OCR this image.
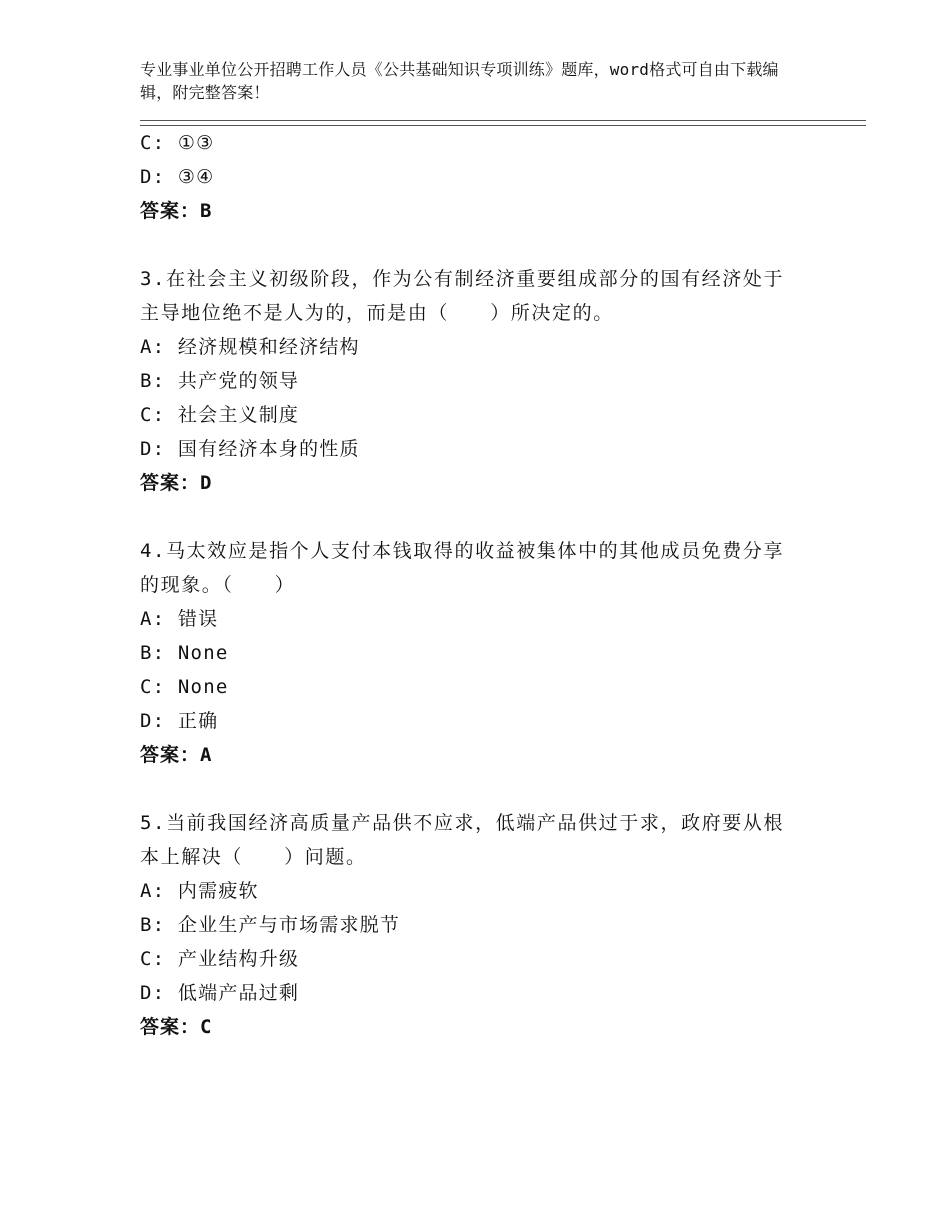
专业事业单位公开招聘工作人员《公共基础知识专项训练》题库，word格式可自由下载编辑，附完整答案！
C: ①③
D: ③④
答案：B
3.在社会主义初级阶段，作为公有制经济重要组成部分的国有经济处于主导地位绝不是人为的，而是由（　　）所决定的。
A: 经济规模和经济结构
B: 共产党的领导
C: 社会主义制度
D: 国有经济本身的性质
答案：D
4.马太效应是指个人支付本钱取得的收益被集体中的其他成员免费分享的现象。（　　）
A: 错误
B: None
C: None
D: 正确
答案：A
5.当前我国经济高质量产品供不应求，低端产品供过于求，政府要从根本上解决（　　）问题。
A: 内需疲软
B: 企业生产与市场需求脱节
C: 产业结构升级
D: 低端产品过剩
答案：C
